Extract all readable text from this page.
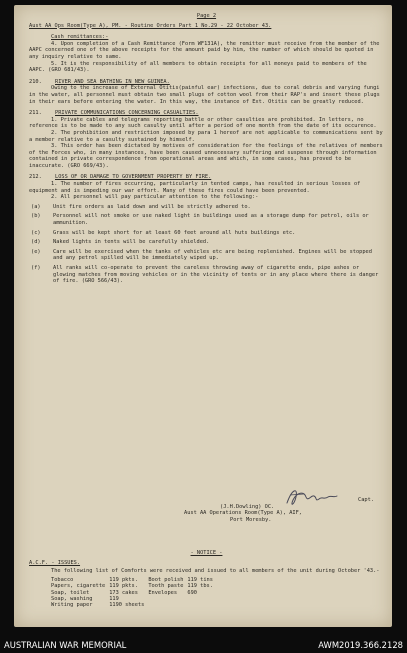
Page 2
Aust AA Ops Room(Type A), PM. - Routine Orders Part 1 No.29 - 22 October 43.
Cash remittances:-

4. Upon completion of a Cash Remittance (Form WF131A), the remitter must receive from the member of the AAPC concerned one of the above receipts for the amount paid by him, the number of which should be quoted in any inquiry relative to same.

5. It is the responsibility of all members to obtain receipts for all moneys paid to members of the AAPC. (GRO 681/43).

210.	RIVER AND SEA BATHING IN NEW GUINEA.

Owing to the increase of External Otitis(painful ear) infections, due to coral debris and varying fungi in the water, all personnel must obtain two small plugs of cotton wool from their RAP's and insert these plugs in their ears before entering the water. In this way, the instance of Ext. Otitis can be greatly reduced.

211.	PRIVATE COMMUNICATIONS CONCERNING CASUALTIES.

1. Private cables and telegrams reporting battle or other casulties are prohibited. In letters, no reference is to be made to any such casulty until after a period of one month from the date of its occurence.

2. The prohibition and restriction imposed by para 1 hereof are not applicable to communications sent by a member relative to a casulty sustained by himself.

3. This order has been dictated by motives of consideration for the feelings of the relatives of members of the Forces who, in many instances, have been caused unnecessary suffering and suspense through information contained in private correspondence from operational areas and which, in some cases, has proved to be inaccurate. (GRO 669/43).

212.	LOSS OF OR DAMAGE TO GOVERNMENT PROPERTY BY FIRE.

1. The number of fires occurring, particularly in tented camps, has resulted in serious losses of equipment and is impeding our war effort. Many of these fires could have been prevented.

2. All personnel will pay particular attention to the following:-

(a)	Unit fire orders as laid down and will be strictly adhered to.
(b)	Personnel will not smoke or use naked light in buildings used as a storage dump for petrol, oils or ammunition.
(c)	Grass will be kept short for at least 60 feet around all huts buildings etc.
(d)	Naked lights in tents will be carefully shielded.
(e)	Care will be exercised when the tanks of vehicles etc are being replenished. Engines will be stopped and any petrol spilled will be immediately wiped up.
(f)	All ranks will co-operate to prevent the careless throwing away of cigarette ends, pipe ashes or glowing matches from moving vehicles or in the vicinity of tents or in any place where there is danger of fire. (GRO 566/43).
Capt.
(J.H.Dowling) OC.
Aust AA Operations Room(Type A), AIF,
Port Moresby.
- NOTICE -
A.C.F. - ISSUES.

The following list of Comforts were received and issued to all members of the unit during October '43.-

Tobacco	119 pkts.	Boot polish	119 tins
Papers, cigarette	119 pkts.	Tooth paste	119 tbs.
Soap, toilet	173 cakes	Envelopes	690
Soap, washing	119		
Writing paper	1190 sheets		
AUSTRALIAN WAR MEMORIAL	AWM2019.366.2128
